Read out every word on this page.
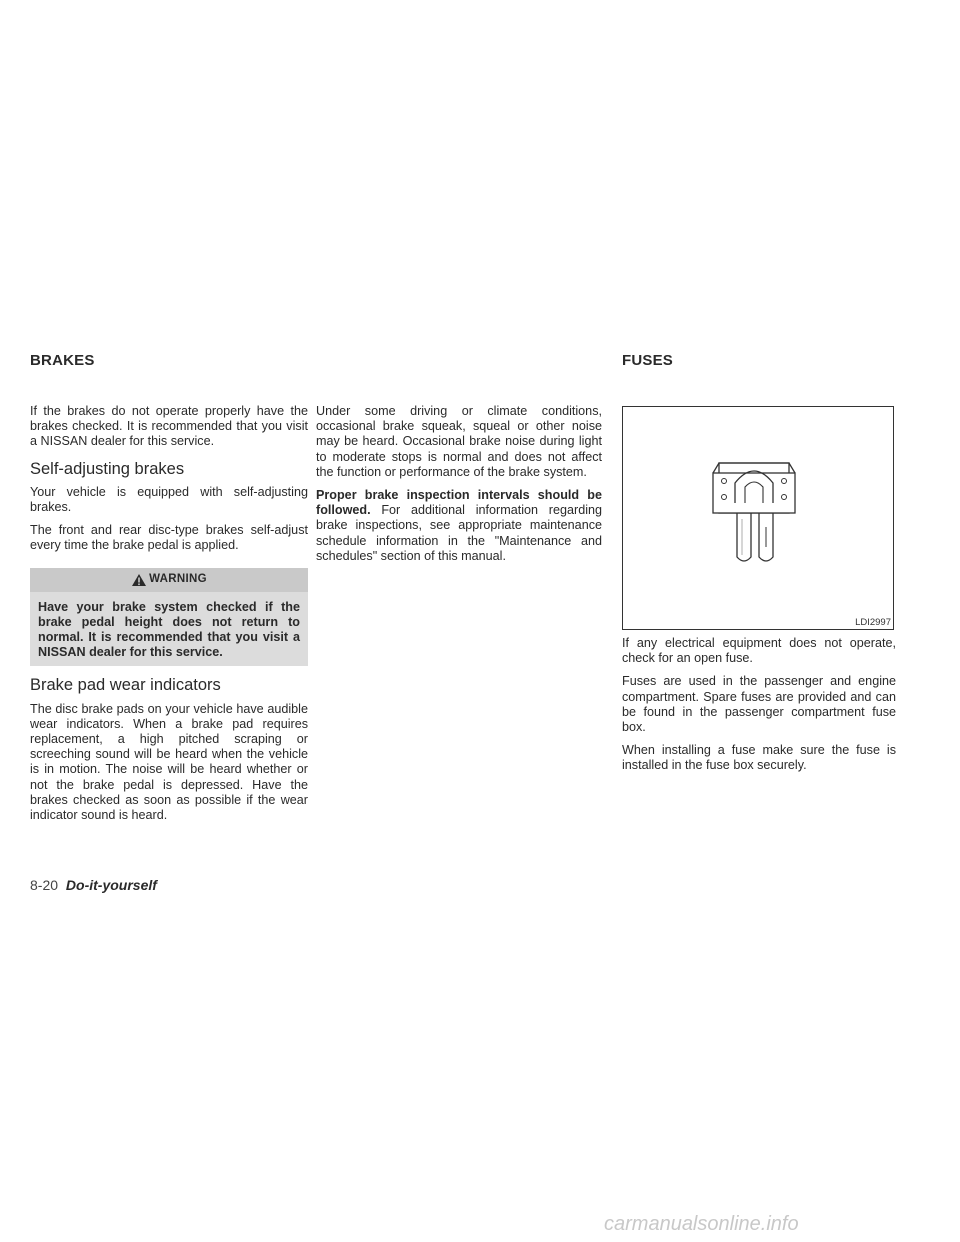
BRAKES	FUSES

If the brakes do not operate properly have the brakes checked. It is recommended that you visit a NISSAN dealer for this service.

Self-adjusting brakes

Your vehicle is equipped with self-adjusting brakes.

The front and rear disc-type brakes self-adjust every time the brake pedal is applied.

WARNING
Have your brake system checked if the brake pedal height does not return to normal. It is recommended that you visit a NISSAN dealer for this service.
Brake pad wear indicators

The disc brake pads on your vehicle have audible wear indicators. When a brake pad requires replacement, a high pitched scraping or screeching sound will be heard when the vehicle is in motion. The noise will be heard whether or not the brake pedal is depressed. Have the brakes checked as soon as possible if the wear indicator sound is heard.

Under some driving or climate conditions, occasional brake squeak, squeal or other noise may be heard. Occasional brake noise during light to moderate stops is normal and does not affect the function or performance of the brake system.

Proper brake inspection intervals should be followed. For additional information regarding brake inspections, see appropriate maintenance schedule information in the "Maintenance and schedules" section of this manual.

LDI2997

If any electrical equipment does not operate, check for an open fuse.

Fuses are used in the passenger and engine compartment. Spare fuses are provided and can be found in the passenger compartment fuse box.

When installing a fuse make sure the fuse is installed in the fuse box securely.

8-20 Do-it-yourself
carmanualsonline.info
